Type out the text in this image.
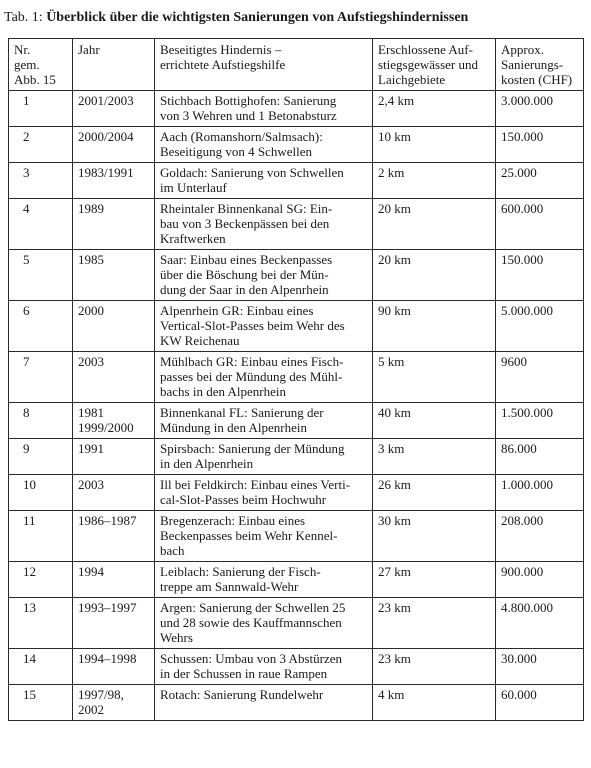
Tab. 1: Überblick über die wichtigsten Sanierungen von Aufstiegshindernissen
Nr.
gem.
Abb. 15	Jahr	Beseitigtes Hindernis –
errichtete Aufstiegshilfe	Erschlossene Auf-
stiegsgewässer und
Laichgebiete	Approx.
Sanierungs-
kosten (CHF)
1	2001/2003	Stichbach Bottighofen: Sanierung
von 3 Wehren und 1 Betonabsturz	2,4 km	3.000.000
2	2000/2004	Aach (Romanshorn/Salmsach):
Beseitigung von 4 Schwellen	10 km	150.000
3	1983/1991	Goldach: Sanierung von Schwellen
im Unterlauf	2 km	25.000
4	1989	Rheintaler Binnenkanal SG: Ein-
bau von 3 Beckenpässen bei den
Kraftwerken	20 km	600.000
5	1985	Saar: Einbau eines Beckenpasses
über die Böschung bei der Mün-
dung der Saar in den Alpenrhein	20 km	150.000
6	2000	Alpenrhein GR: Einbau eines
Vertical-Slot-Passes beim Wehr des
KW Reichenau	90 km	5.000.000
7	2003	Mühlbach GR: Einbau eines Fisch-
passes bei der Mündung des Mühl-
bachs in den Alpenrhein	5 km	9600
8	1981
1999/2000	Binnenkanal FL: Sanierung der
Mündung in den Alpenrhein	40 km	1.500.000
9	1991	Spirsbach: Sanierung der Mündung
in den Alpenrhein	3 km	86.000
10	2003	Ill bei Feldkirch: Einbau eines Verti-
cal-Slot-Passes beim Hochwuhr	26 km	1.000.000
11	1986–1987	Bregenzerach: Einbau eines
Beckenpasses beim Wehr Kennel-
bach	30 km	208.000
12	1994	Leiblach: Sanierung der Fisch-
treppe am Sannwald-Wehr	27 km	900.000
13	1993–1997	Argen: Sanierung der Schwellen 25
und 28 sowie des Kauffmannschen
Wehrs	23 km	4.800.000
14	1994–1998	Schussen: Umbau von 3 Abstürzen
in der Schussen in raue Rampen	23 km	30.000
15	1997/98,
2002	Rotach: Sanierung Rundelwehr	4 km	60.000
